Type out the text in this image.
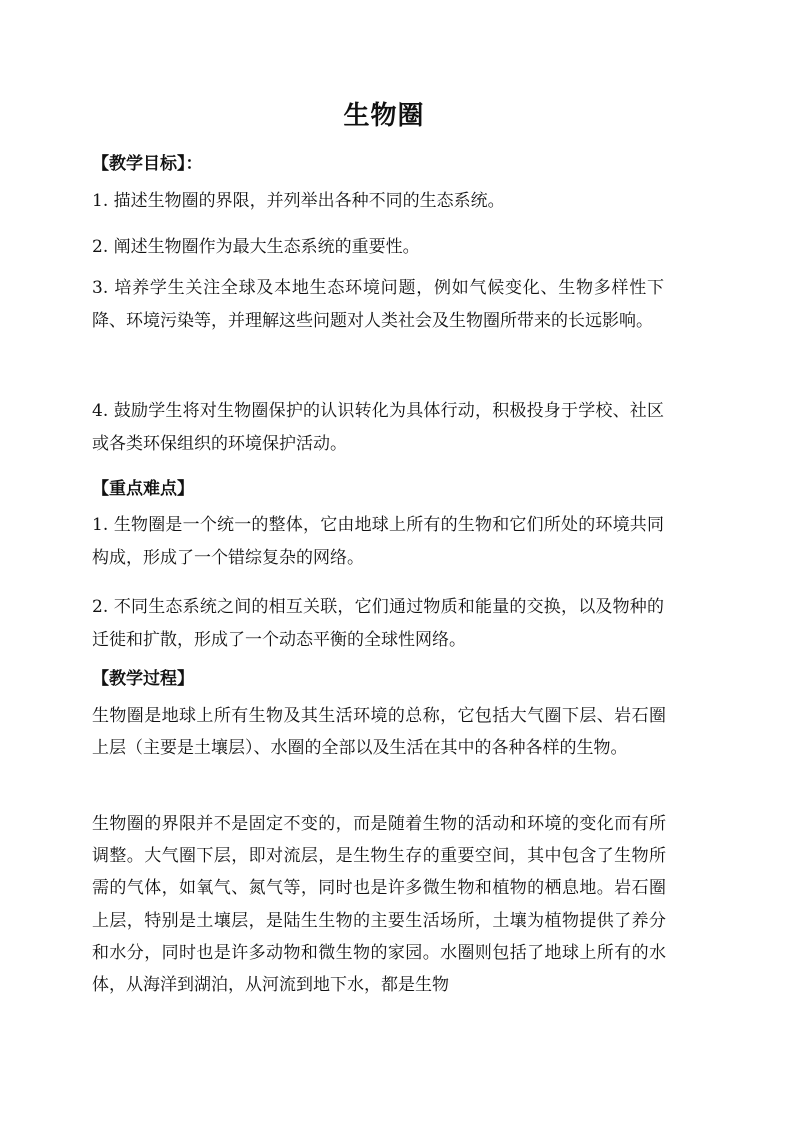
生物圈
【教学目标】：
1. 描述生物圈的界限，并列举出各种不同的生态系统。
2. 阐述生物圈作为最大生态系统的重要性。
3. 培养学生关注全球及本地生态环境问题，例如气候变化、生物多样性下降、环境污染等，并理解这些问题对人类社会及生物圈所带来的长远影响。
4. 鼓励学生将对生物圈保护的认识转化为具体行动，积极投身于学校、社区或各类环保组织的环境保护活动。
【重点难点】
1. 生物圈是一个统一的整体，它由地球上所有的生物和它们所处的环境共同构成，形成了一个错综复杂的网络。
2. 不同生态系统之间的相互关联，它们通过物质和能量的交换，以及物种的迁徙和扩散，形成了一个动态平衡的全球性网络。
【教学过程】
生物圈是地球上所有生物及其生活环境的总称，它包括大气圈下层、岩石圈上层（主要是土壤层）、水圈的全部以及生活在其中的各种各样的生物。
生物圈的界限并不是固定不变的，而是随着生物的活动和环境的变化而有所调整。大气圈下层，即对流层，是生物生存的重要空间，其中包含了生物所需的气体，如氧气、氮气等，同时也是许多微生物和植物的栖息地。岩石圈上层，特别是土壤层，是陆生生物的主要生活场所，土壤为植物提供了养分和水分，同时也是许多动物和微生物的家园。水圈则包括了地球上所有的水体，从海洋到湖泊，从河流到地下水，都是生物
